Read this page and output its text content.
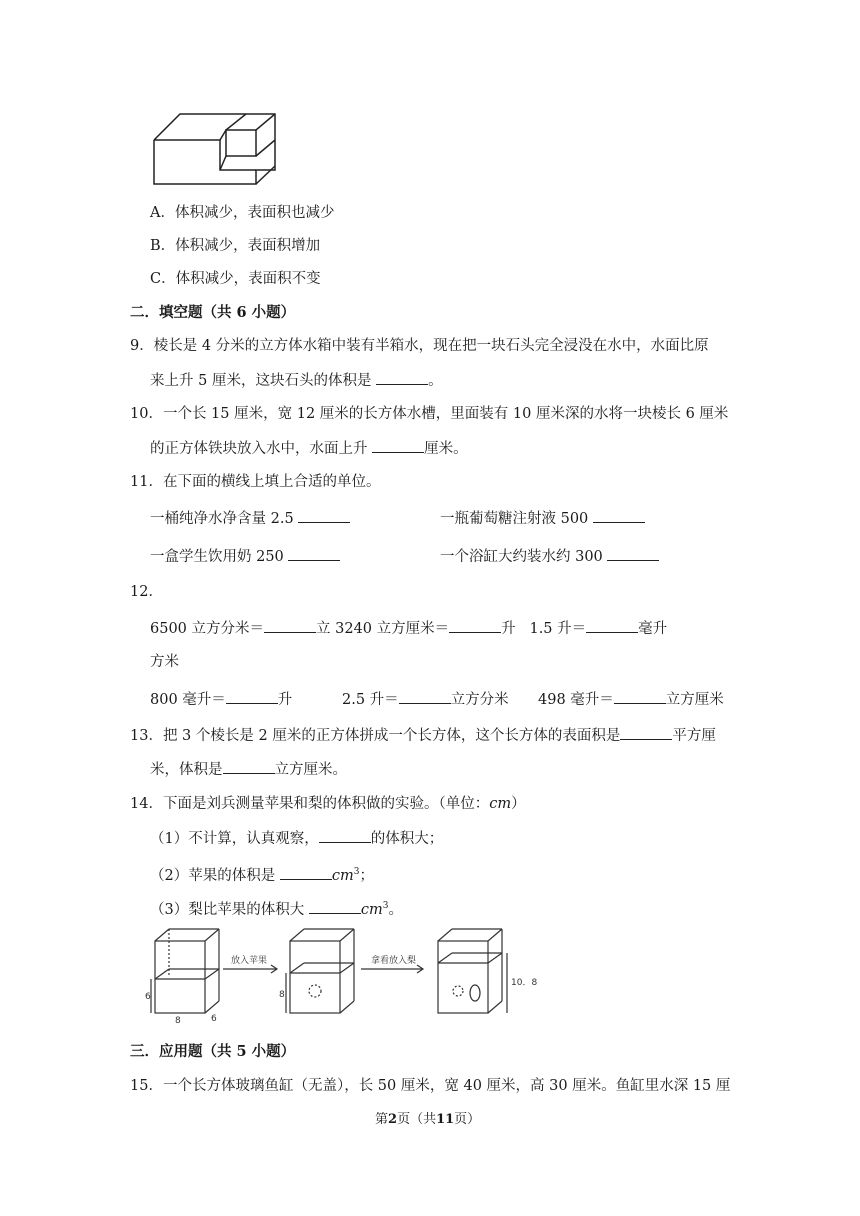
A．体积减少，表面积也减少
B．体积减少，表面积增加
C．体积减少，表面积不变
二．填空题（共 6 小题）
9．棱长是 4 分米的立方体水箱中装有半箱水，现在把一块石头完全浸没在水中，水面比原
来上升 5 厘米，这块石头的体积是	。
10．一个长 15 厘米，宽 12 厘米的长方体水槽，里面装有 10 厘米深的水将一块棱长 6 厘米
的正方体铁块放入水中，水面上升	厘米。
11．在下面的横线上填上合适的单位。
一桶纯净水净含量 2.5	一瓶葡萄糖注射液 500
一盒学生饮用奶 250	一个浴缸大约装水约 300
12．
6500 立方分米＝	立 3240 立方厘米＝	升 1.5 升＝	毫升
方米
800 毫升＝	升	2.5 升＝	立方分米 498 毫升＝	立方厘米
13．把 3 个棱长是 2 厘米的正方体拼成一个长方体，这个长方体的表面积是	平方厘
米，体积是	立方厘米。
14．下面是刘兵测量苹果和梨的体积做的实验。（单位：cm）
（1）不计算，认真观察，	的体积大；
（2）苹果的体积是	$cm^3$；
（3）梨比苹果的体积大	$cm^3$。
6
8	6
放入苹果
8
拿看放入梨
10．8
三．应用题（共 5 小题）
15．一个长方体玻璃鱼缸（无盖），长 50 厘米，宽 40 厘米，高 30 厘米。鱼缸里水深 15 厘
第2页（共11页）
